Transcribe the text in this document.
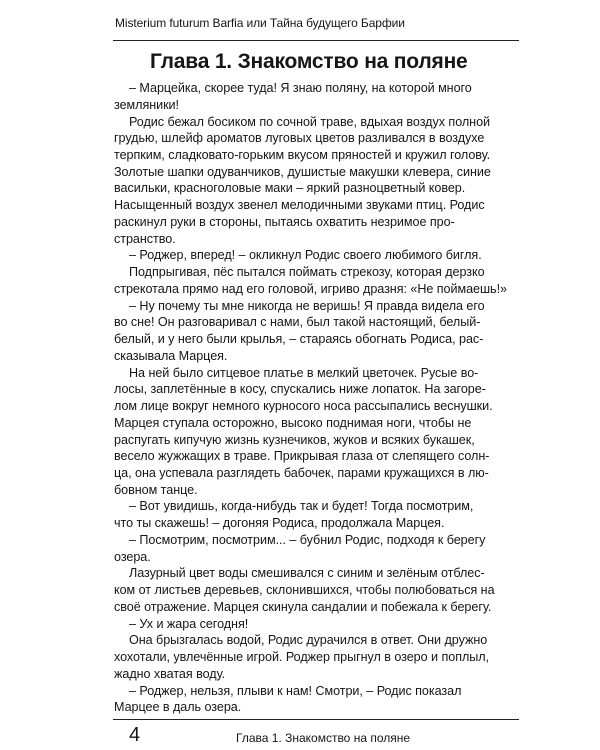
Misterium futurum Barfia или Тайна будущего Барфии
Глава 1. Знакомство на поляне
– Марцейка, скорее туда! Я знаю поляну, на которой много
земляники!
Родис бежал босиком по сочной траве, вдыхая воздух полной
грудью, шлейф ароматов луговых цветов разливался в воздухе
терпким, сладковато-горьким вкусом пряностей и кружил голову.
Золотые шапки одуванчиков, душистые макушки клевера, синие
васильки, красноголовые маки – яркий разноцветный ковер.
Насыщенный воздух звенел мелодичными звуками птиц. Родис
раскинул руки в стороны, пытаясь охватить незримое про-
странство.
– Роджер, вперед! – окликнул Родис своего любимого бигля.
Подпрыгивая, пёс пытался поймать стрекозу, которая дерзко
стрекотала прямо над его головой, игриво дразня: «Не поймаешь!»
– Ну почему ты мне никогда не веришь! Я правда видела его
во сне! Он разговаривал с нами, был такой настоящий, белый-
белый, и у него были крылья, – стараясь обогнать Родиса, рас-
сказывала Марцея.
На ней было ситцевое платье в мелкий цветочек. Русые во-
лосы, заплетённые в косу, спускались ниже лопаток. На загоре-
лом лице вокруг немного курносого носа рассыпались веснушки.
Марцея ступала осторожно, высоко поднимая ноги, чтобы не
распугать кипучую жизнь кузнечиков, жуков и всяких букашек,
весело жужжащих в траве. Прикрывая глаза от слепящего солн-
ца, она успевала разглядеть бабочек, парами кружащихся в лю-
бовном танце.
– Вот увидишь, когда-нибудь так и будет! Тогда посмотрим,
что ты скажешь! – догоняя Родиса, продолжала Марцея.
– Посмотрим, посмотрим... – бубнил Родис, подходя к берегу
озера.
Лазурный цвет воды смешивался с синим и зелёным отблес-
ком от листьев деревьев, склонившихся, чтобы полюбоваться на
своё отражение. Марцея скинула сандалии и побежала к берегу.
– Ух и жара сегодня!
Она брызгалась водой, Родис дурачился в ответ. Они дружно
хохотали, увлечённые игрой. Роджер прыгнул в озеро и поплыл,
жадно хватая воду.
– Роджер, нельзя, плыви к нам! Смотри, – Родис показал
Марцее в даль озера.
4	Глава 1. Знакомство на поляне
